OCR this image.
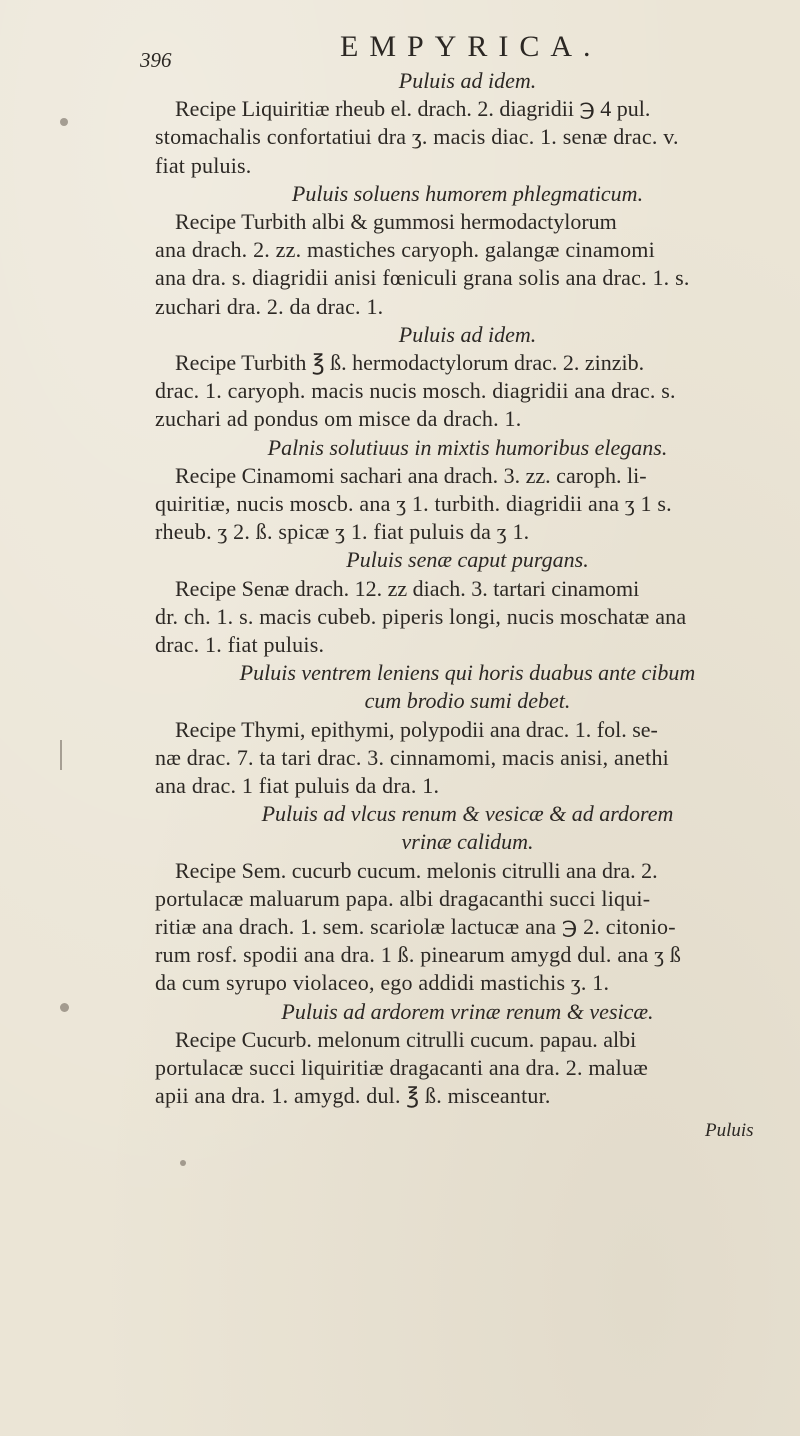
396	EMPYRICA.
Puluis ad idem.
Recipe Liquiritiæ rheub el. drach. 2. diagridii ℈ 4 pul.
stomachalis confortatiui dra ʒ. macis diac. 1. senæ drac. v.
fiat puluis.
Puluis soluens humorem phlegmaticum.
Recipe Turbith albi & gummosi hermodactylorum
ana drach. 2. zz. mastiches caryoph. galangæ cinamomi
ana dra. s. diagridii anisi fœniculi grana solis ana drac. 1. s.
zuchari dra. 2. da drac. 1.
Puluis ad idem.
Recipe Turbith ℥ ß. hermodactylorum drac. 2. zinzib.
drac. 1. caryoph. macis nucis mosch. diagridii ana drac. s.
zuchari ad pondus om misce da drach. 1.
Palnis solutiuus in mixtis humoribus elegans.
Recipe Cinamomi sachari ana drach. 3. zz. caroph. li-
quiritiæ, nucis moscb. ana ʒ 1. turbith. diagridii ana ʒ 1 s.
rheub. ʒ 2. ß. spicæ ʒ 1. fiat puluis da ʒ 1.
Puluis senæ caput purgans.
Recipe Senæ drach. 12. zz diach. 3. tartari cinamomi
dr. ch. 1. s. macis cubeb. piperis longi, nucis moschatæ ana
drac. 1. fiat puluis.
Puluis ventrem leniens qui horis duabus ante cibum
cum brodio sumi debet.
Recipe Thymi, epithymi, polypodii ana drac. 1. fol. se-
næ drac. 7. ta tari drac. 3. cinnamomi, macis anisi, anethi
ana drac. 1 fiat puluis da dra. 1.
Puluis ad vlcus renum & vesicæ & ad ardorem
vrinæ calidum.
Recipe Sem. cucurb cucum. melonis citrulli ana dra. 2.
portulacæ maluarum papa. albi dragacanthi succi liqui-
ritiæ ana drach. 1. sem. scariolæ lactucæ ana ℈ 2. citonio-
rum rosf. spodii ana dra. 1 ß. pinearum amygd dul. ana ʒ ß
da cum syrupo violaceo, ego addidi mastichis ʒ. 1.
Puluis ad ardorem vrinæ renum & vesicæ.
Recipe Cucurb. melonum citrulli cucum. papau. albi
portulacæ succi liquiritiæ dragacanti ana dra. 2. maluæ
apii ana dra. 1. amygd. dul. ℥ ß. misceantur.
Puluis
